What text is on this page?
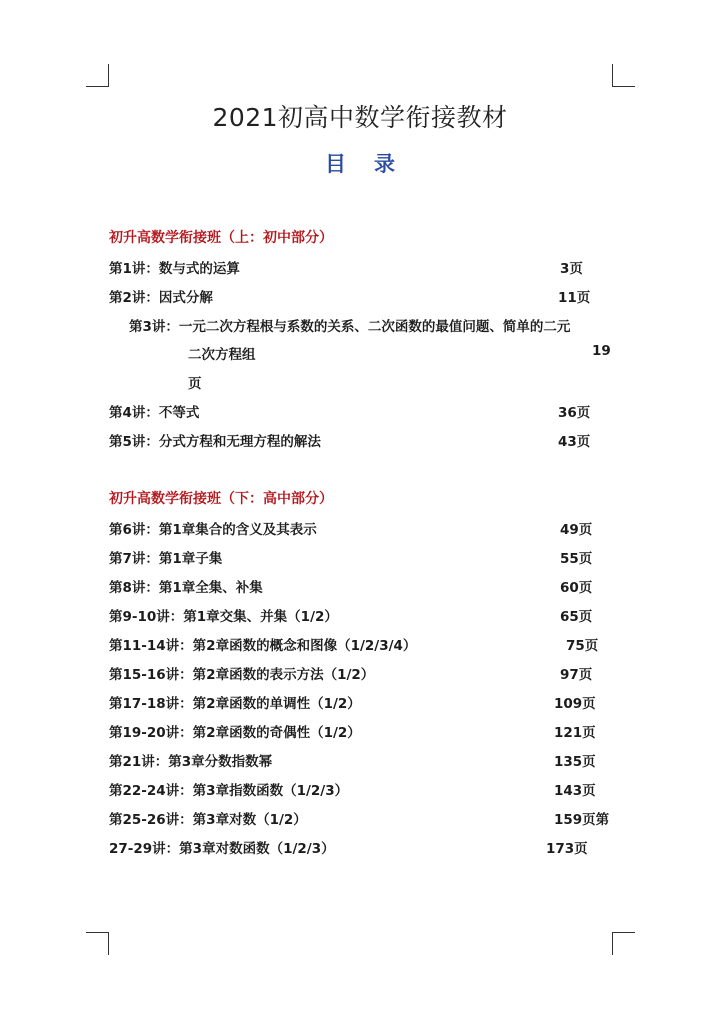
2021初高中数学衔接教材
目录
初升高数学衔接班（上：初中部分）
第1讲：数与式的运算	3页
第2讲：因式分解	11页
第3讲：一元二次方程根与系数的关系、二次函数的最值问题、简单的二元
二次方程组	19
页
第4讲：不等式	36页
第5讲：分式方程和无理方程的解法	43页
初升高数学衔接班（下：高中部分）
第6讲：第1章集合的含义及其表示	49页
第7讲：第1章子集	55页
第8讲：第1章全集、补集	60页
第9-10讲：第1章交集、并集（1/2）	65页
第11-14讲：第2章函数的概念和图像（1/2/3/4）	75页
第15-16讲：第2章函数的表示方法（1/2）	97页
第17-18讲：第2章函数的单调性（1/2）	109页
第19-20讲：第2章函数的奇偶性（1/2）	121页
第21讲：第3章分数指数幂	135页
第22-24讲：第3章指数函数（1/2/3）	143页
第25-26讲：第3章对数（1/2）	159页第
27-29讲：第3章对数函数（1/2/3）	173页
